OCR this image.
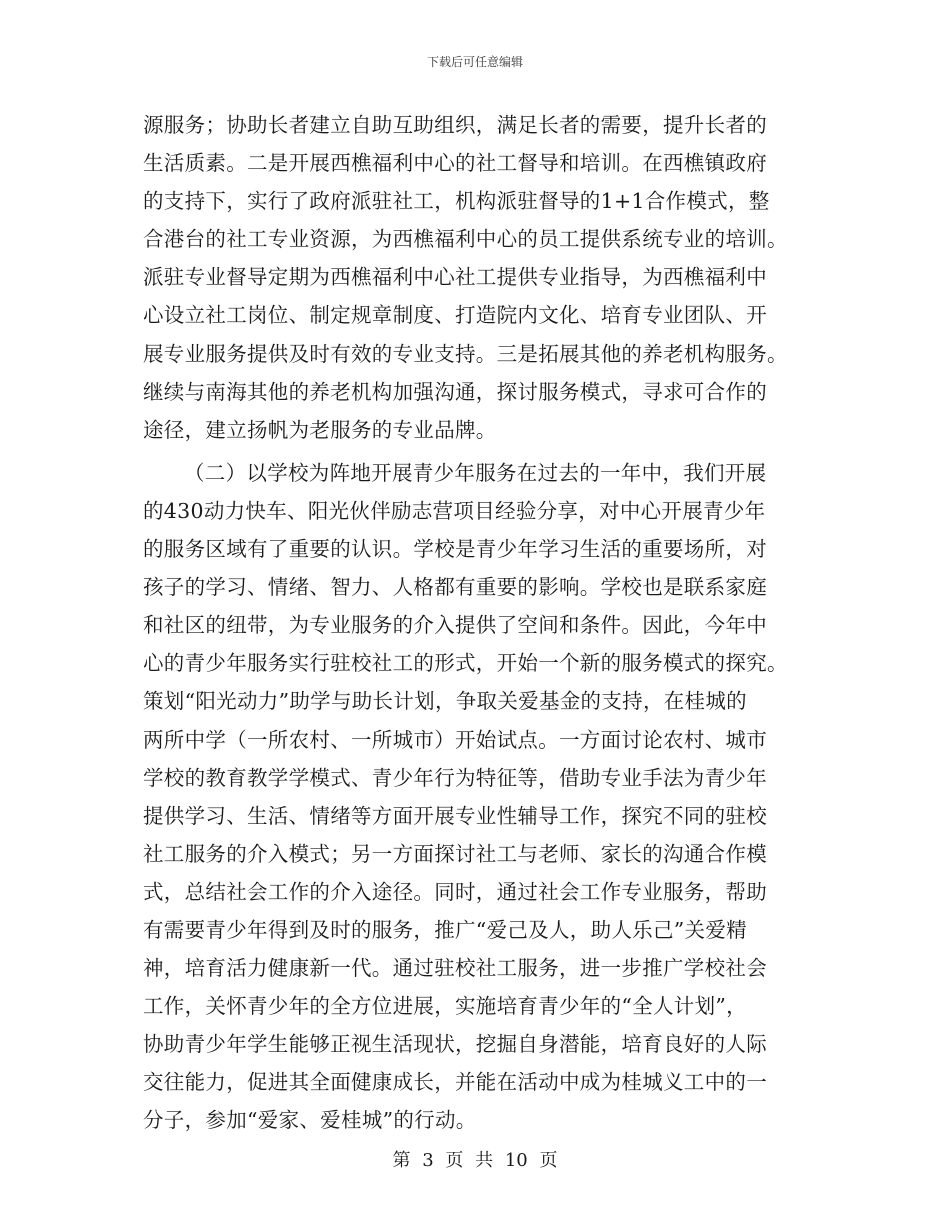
下载后可任意编辑
源服务；协助长者建立自助互助组织，满足长者的需要，提升长者的
生活质素。二是开展西樵福利中心的社工督导和培训。在西樵镇政府
的支持下，实行了政府派驻社工，机构派驻督导的1+1合作模式，整
合港台的社工专业资源，为西樵福利中心的员工提供系统专业的培训。
派驻专业督导定期为西樵福利中心社工提供专业指导，为西樵福利中
心设立社工岗位、制定规章制度、打造院内文化、培育专业团队、开
展专业服务提供及时有效的专业支持。三是拓展其他的养老机构服务。
继续与南海其他的养老机构加强沟通，探讨服务模式，寻求可合作的
途径，建立扬帆为老服务的专业品牌。
（二）以学校为阵地开展青少年服务在过去的一年中，我们开展
的430动力快车、阳光伙伴励志营项目经验分享，对中心开展青少年
的服务区域有了重要的认识。学校是青少年学习生活的重要场所，对
孩子的学习、情绪、智力、人格都有重要的影响。学校也是联系家庭
和社区的纽带，为专业服务的介入提供了空间和条件。因此，今年中
心的青少年服务实行驻校社工的形式，开始一个新的服务模式的探究。
策划“阳光动力”助学与助长计划，争取关爱基金的支持，在桂城的
两所中学（一所农村、一所城市）开始试点。一方面讨论农村、城市
学校的教育教学学模式、青少年行为特征等，借助专业手法为青少年
提供学习、生活、情绪等方面开展专业性辅导工作，探究不同的驻校
社工服务的介入模式；另一方面探讨社工与老师、家长的沟通合作模
式，总结社会工作的介入途径。同时，通过社会工作专业服务，帮助
有需要青少年得到及时的服务，推广“爱己及人，助人乐己”关爱精
神，培育活力健康新一代。通过驻校社工服务，进一步推广学校社会
工作，关怀青少年的全方位进展，实施培育青少年的“全人计划”，
协助青少年学生能够正视生活现状，挖掘自身潜能，培育良好的人际
交往能力，促进其全面健康成长，并能在活动中成为桂城义工中的一
分子，参加“爱家、爱桂城”的行动。
第 3 页 共 10 页
